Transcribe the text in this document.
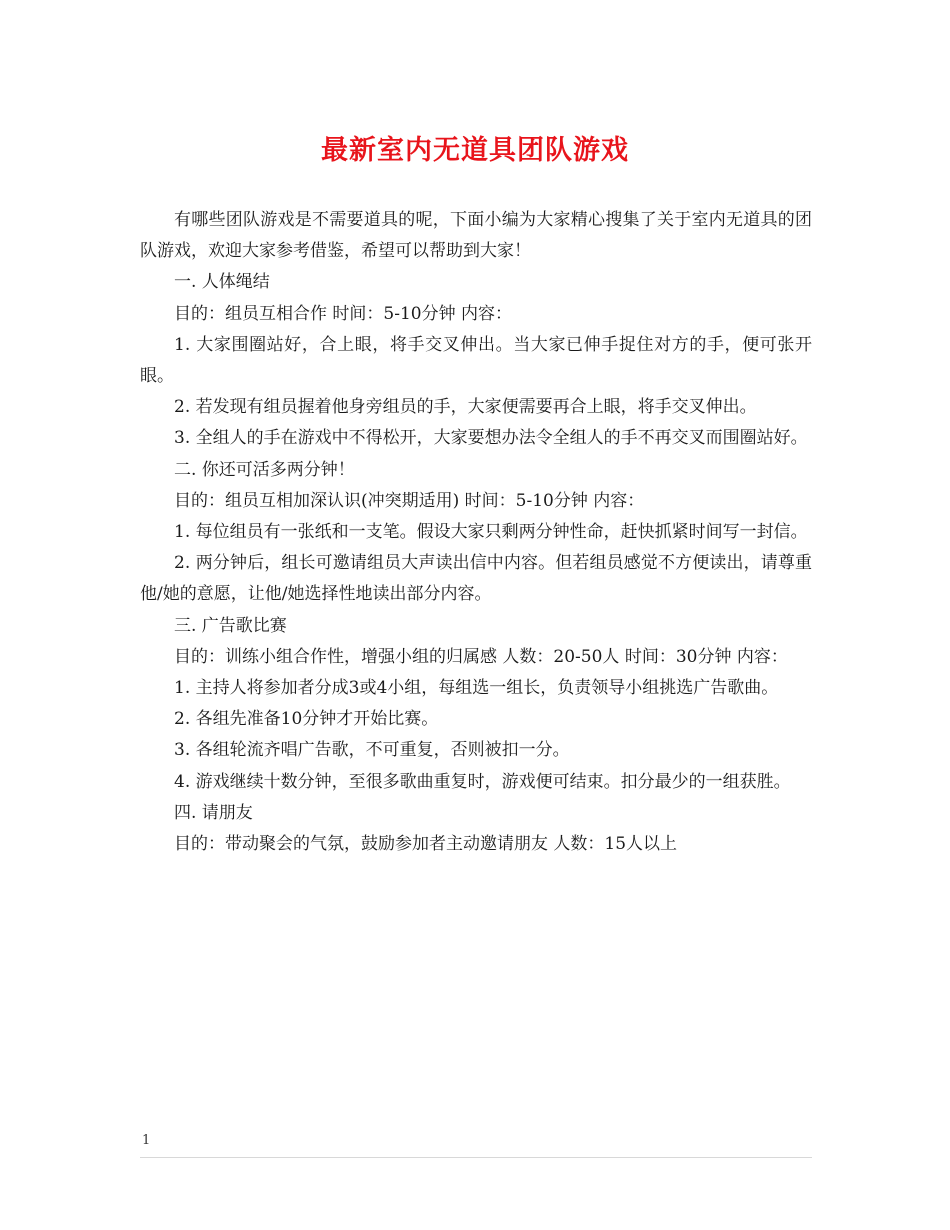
最新室内无道具团队游戏

有哪些团队游戏是不需要道具的呢，下面小编为大家精心搜集了关于室内无道具的团队游戏，欢迎大家参考借鉴，希望可以帮助到大家！

一. 人体绳结

目的：组员互相合作 时间：5-10分钟 内容：

1. 大家围圈站好，合上眼，将手交叉伸出。当大家已伸手捉住对方的手，便可张开眼。

2. 若发现有组员握着他身旁组员的手，大家便需要再合上眼，将手交叉伸出。

3. 全组人的手在游戏中不得松开，大家要想办法令全组人的手不再交叉而围圈站好。

二. 你还可活多两分钟！

目的：组员互相加深认识(冲突期适用) 时间：5-10分钟 内容：

1. 每位组员有一张纸和一支笔。假设大家只剩两分钟性命，赶快抓紧时间写一封信。

2. 两分钟后，组长可邀请组员大声读出信中内容。但若组员感觉不方便读出，请尊重他/她的意愿，让他/她选择性地读出部分内容。

三. 广告歌比赛

目的：训练小组合作性，增强小组的归属感 人数：20-50人 时间：30分钟 内容：

1. 主持人将参加者分成3或4小组，每组选一组长，负责领导小组挑选广告歌曲。

2. 各组先准备10分钟才开始比赛。

3. 各组轮流齐唱广告歌，不可重复，否则被扣一分。

4. 游戏继续十数分钟，至很多歌曲重复时，游戏便可结束。扣分最少的一组获胜。

四. 请朋友

目的：带动聚会的气氛，鼓励参加者主动邀请朋友 人数：15人以上

1
